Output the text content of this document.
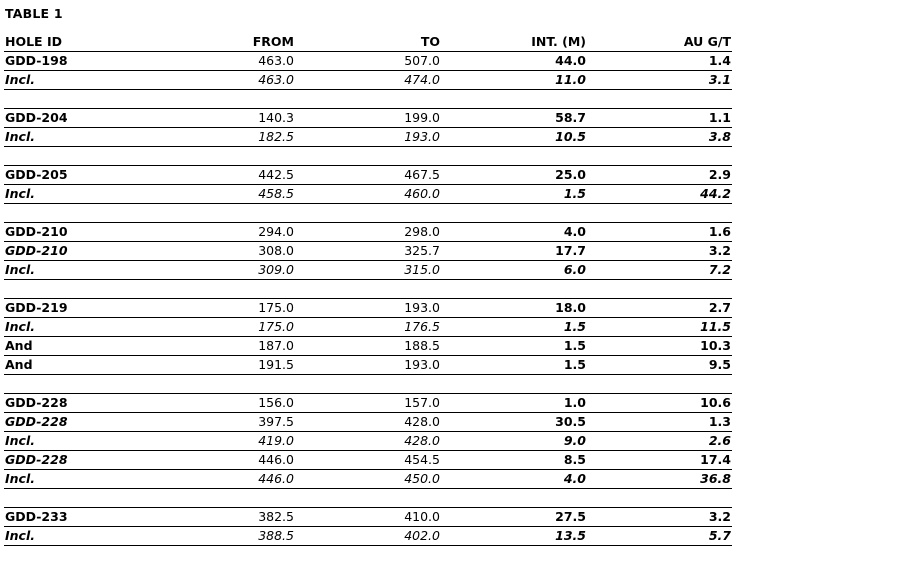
TABLE 1
HOLE ID	FROM	TO	INT. (M)	AU G/T
GDD-198	463.0	507.0	44.0	1.4
Incl.	463.0	474.0	11.0	3.1

GDD-204	140.3	199.0	58.7	1.1
Incl.	182.5	193.0	10.5	3.8

GDD-205	442.5	467.5	25.0	2.9
Incl.	458.5	460.0	1.5	44.2

GDD-210	294.0	298.0	4.0	1.6
GDD-210	308.0	325.7	17.7	3.2
Incl.	309.0	315.0	6.0	7.2

GDD-219	175.0	193.0	18.0	2.7
Incl.	175.0	176.5	1.5	11.5
And	187.0	188.5	1.5	10.3
And	191.5	193.0	1.5	9.5

GDD-228	156.0	157.0	1.0	10.6
GDD-228	397.5	428.0	30.5	1.3
Incl.	419.0	428.0	9.0	2.6
GDD-228	446.0	454.5	8.5	17.4
Incl.	446.0	450.0	4.0	36.8

GDD-233	382.5	410.0	27.5	3.2
Incl.	388.5	402.0	13.5	5.7
